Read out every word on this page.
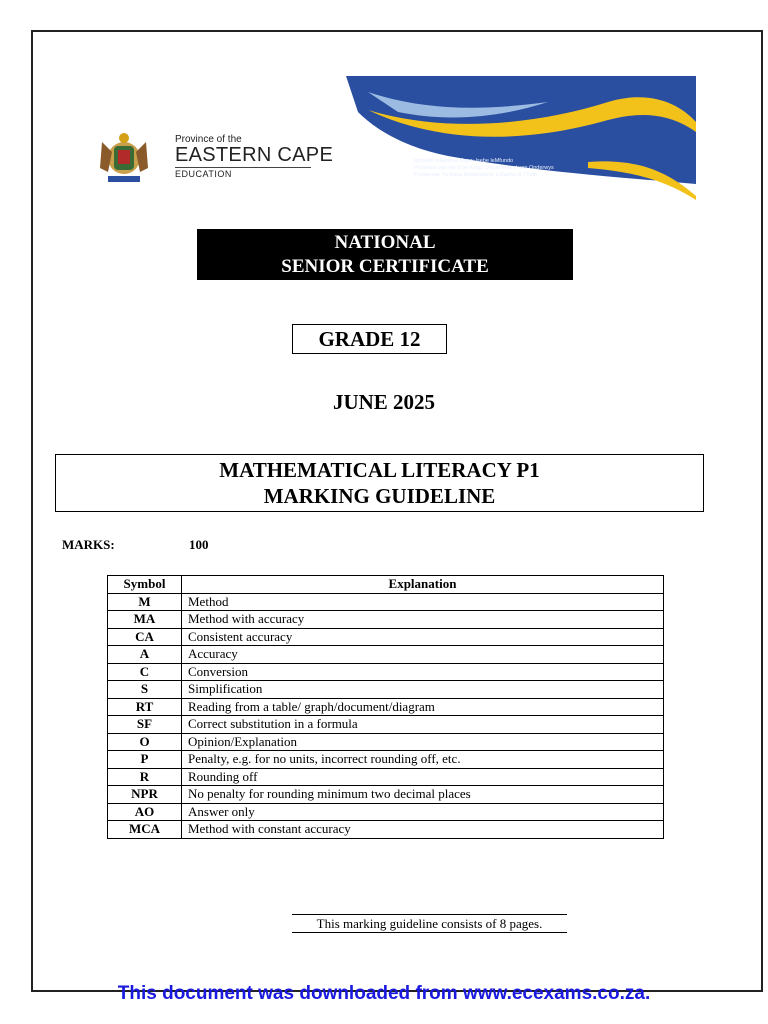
Province of the
EASTERN CAPE
EDUCATION
Iphondo leMpuma Kapa: Isebe leMfundo
Provinsie van die Oos-Kaap: Departement van Onderwys
Porafensie Ya Kapa Botjahabela: Lefapha la Thuto
NATIONAL
SENIOR CERTIFICATE
GRADE 12
JUNE 2025
MATHEMATICAL LITERACY P1
MARKING GUIDELINE
MARKS:	100
Symbol	Explanation
M	Method
MA	Method with accuracy
CA	Consistent accuracy
A	Accuracy
C	Conversion
S	Simplification
RT	Reading from a table/ graph/document/diagram
SF	Correct substitution in a formula
O	Opinion/Explanation
P	Penalty, e.g. for no units, incorrect rounding off, etc.
R	Rounding off
NPR	No penalty for rounding minimum two decimal places
AO	Answer only
MCA	Method with constant accuracy
This marking guideline consists of 8 pages.
This document was downloaded from www.ecexams.co.za.
